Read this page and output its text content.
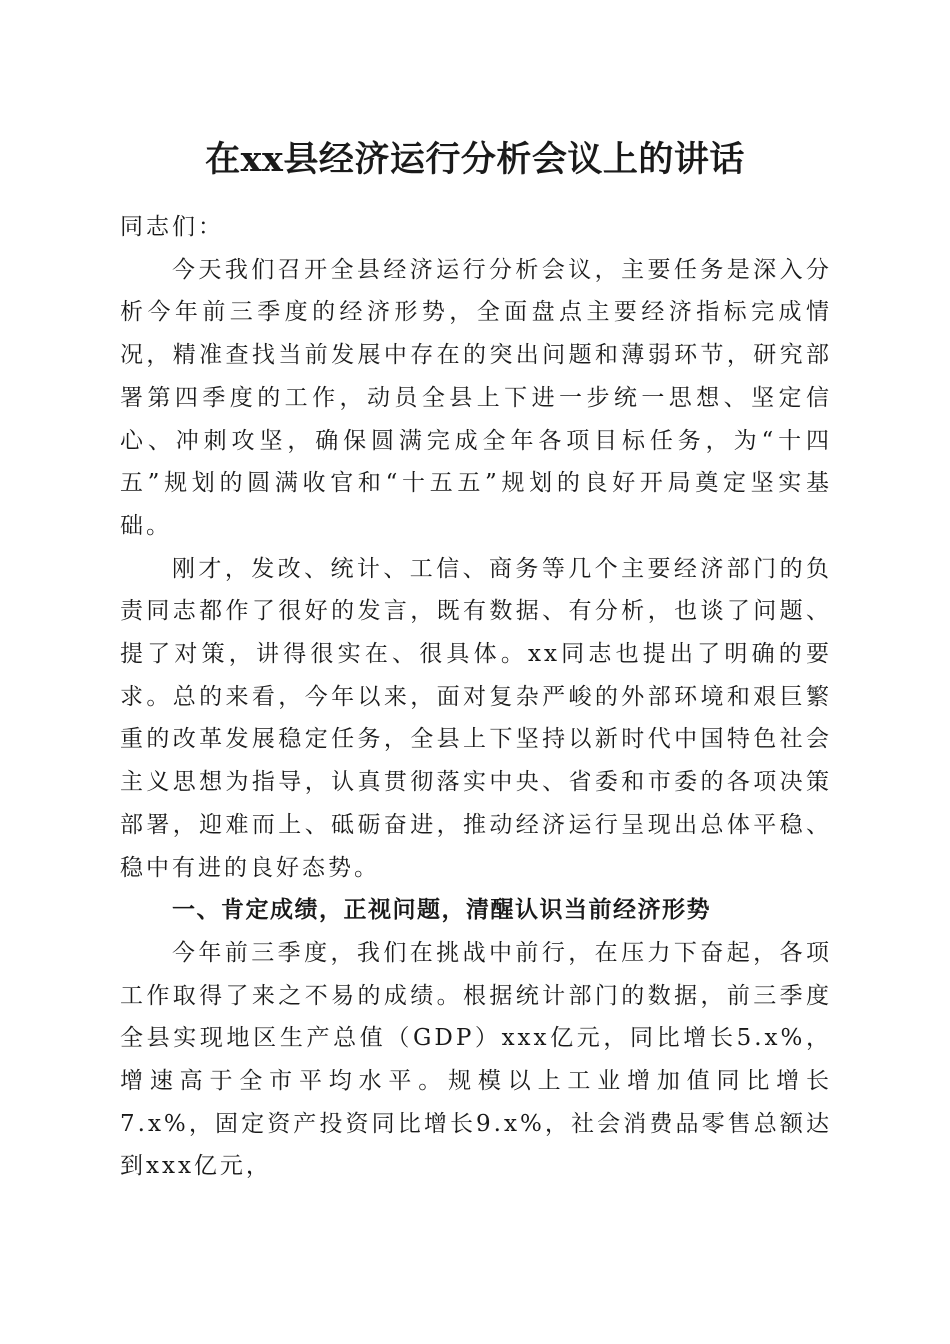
在xx县经济运行分析会议上的讲话

同志们：

今天我们召开全县经济运行分析会议，主要任务是深入分析今年前三季度的经济形势，全面盘点主要经济指标完成情况，精准查找当前发展中存在的突出问题和薄弱环节，研究部署第四季度的工作，动员全县上下进一步统一思想、坚定信心、冲刺攻坚，确保圆满完成全年各项目标任务，为“十四五”规划的圆满收官和“十五五”规划的良好开局奠定坚实基础。

刚才，发改、统计、工信、商务等几个主要经济部门的负责同志都作了很好的发言，既有数据、有分析，也谈了问题、提了对策，讲得很实在、很具体。xx同志也提出了明确的要求。总的来看，今年以来，面对复杂严峻的外部环境和艰巨繁重的改革发展稳定任务，全县上下坚持以新时代中国特色社会主义思想为指导，认真贯彻落实中央、省委和市委的各项决策部署，迎难而上、砥砺奋进，推动经济运行呈现出总体平稳、稳中有进的良好态势。

一、肯定成绩，正视问题，清醒认识当前经济形势

今年前三季度，我们在挑战中前行，在压力下奋起，各项工作取得了来之不易的成绩。根据统计部门的数据，前三季度全县实现地区生产总值（GDP）xxx亿元，同比增长5.x%，增速高于全市平均水平。规模以上工业增加值同比增长7.x%，固定资产投资同比增长9.x%，社会消费品零售总额达到xxx亿元，
